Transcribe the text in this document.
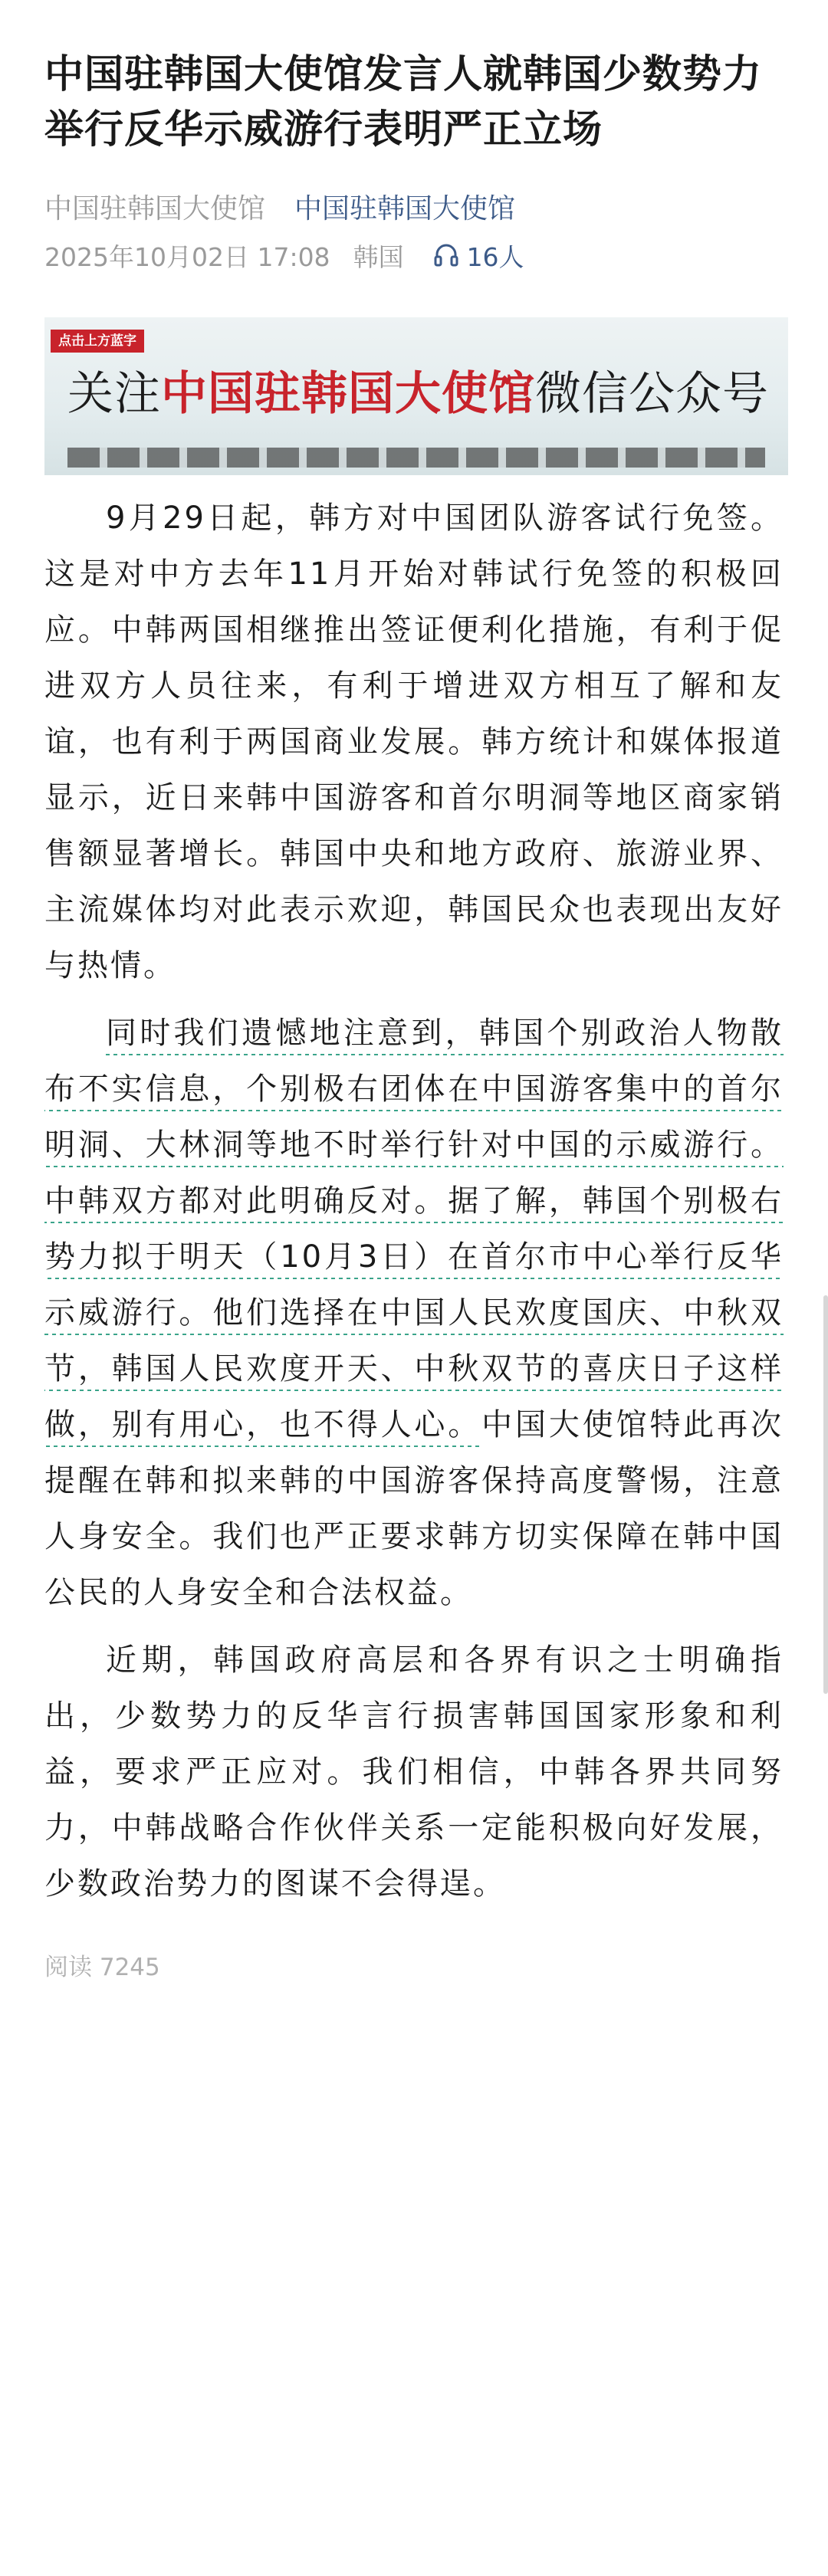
中国驻韩国大使馆发言人就韩国少数势力举行反华示威游行表明严正立场
中国驻韩国大使馆 中国驻韩国大使馆
2025年10月02日 17:08 韩国 16人
点击上方蓝字
关注中国驻韩国大使馆微信公众号

9月29日起，韩方对中国团队游客试行免签。这是对中方去年11月开始对韩试行免签的积极回应。中韩两国相继推出签证便利化措施，有利于促进双方人员往来，有利于增进双方相互了解和友谊，也有利于两国商业发展。韩方统计和媒体报道显示，近日来韩中国游客和首尔明洞等地区商家销售额显著增长。韩国中央和地方政府、旅游业界、主流媒体均对此表示欢迎，韩国民众也表现出友好与热情。

同时我们遗憾地注意到，韩国个别政治人物散布不实信息，个别极右团体在中国游客集中的首尔明洞、大林洞等地不时举行针对中国的示威游行。中韩双方都对此明确反对。据了解，韩国个别极右势力拟于明天（10月3日）在首尔市中心举行反华示威游行。他们选择在中国人民欢度国庆、中秋双节，韩国人民欢度开天、中秋双节的喜庆日子这样做，别有用心，也不得人心。中国大使馆特此再次提醒在韩和拟来韩的中国游客保持高度警惕，注意人身安全。我们也严正要求韩方切实保障在韩中国公民的人身安全和合法权益。

近期，韩国政府高层和各界有识之士明确指出，少数势力的反华言行损害韩国国家形象和利益，要求严正应对。我们相信，中韩各界共同努力，中韩战略合作伙伴关系一定能积极向好发展，少数政治势力的图谋不会得逞。

阅读 7245
